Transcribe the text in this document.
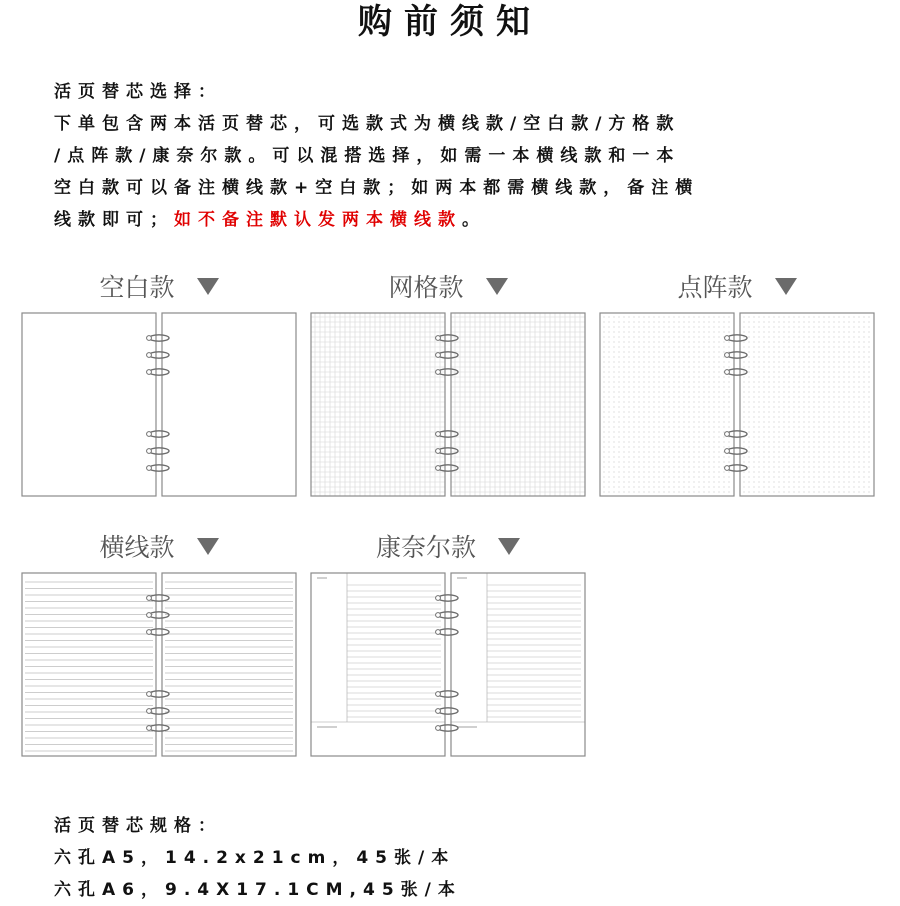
购前须知
活页替芯选择：
下单包含两本活页替芯，可选款式为横线款/空白款/方格款
/点阵款/康奈尔款。可以混搭选择，如需一本横线款和一本
空白款可以备注横线款+空白款；如两本都需横线款，备注横
线款即可；如不备注默认发两本横线款。
空白款	网格款	点阵款
横线款	康奈尔款
活页替芯规格：
六孔A5，14.2x21cm，45张/本
六孔A6，9.4X17.1CM,45张/本
